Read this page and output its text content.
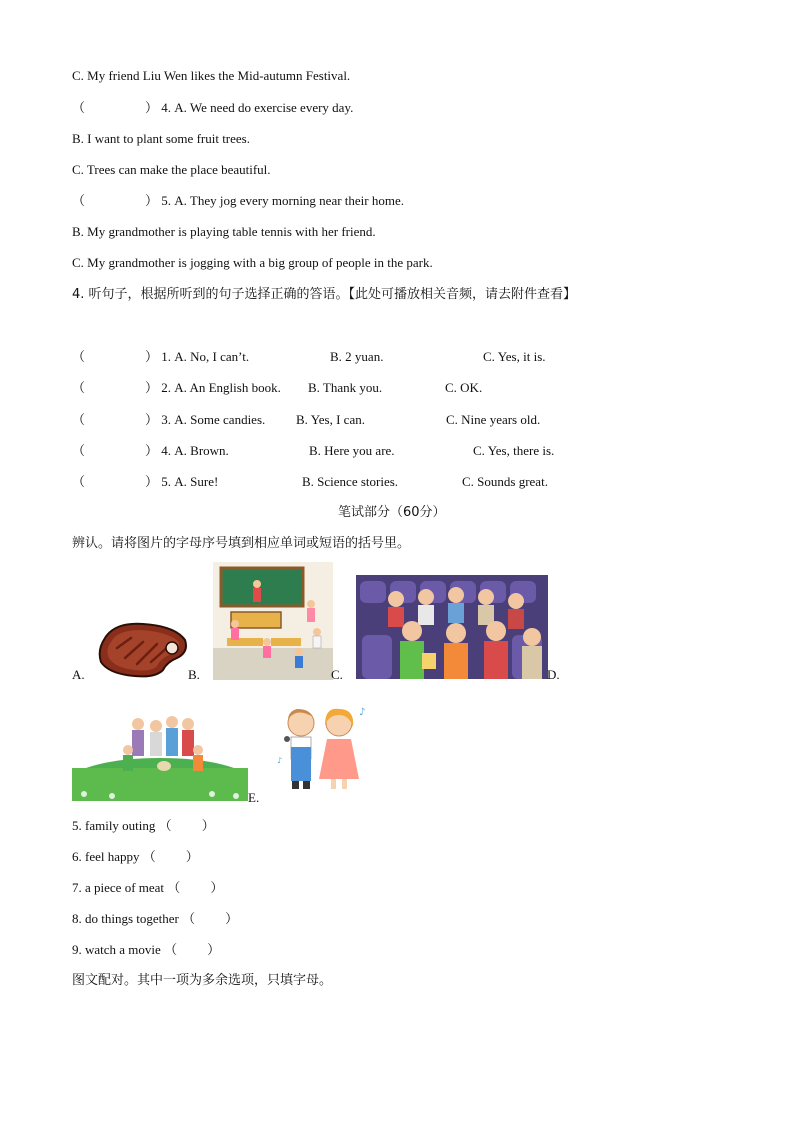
C. My friend Liu Wen likes the Mid-autumn Festival.
（	） 4. A. We need do exercise every day.
B. I want to plant some fruit trees.
C. Trees can make the place beautiful.
（	） 5. A. They jog every morning near their home.
B. My grandmother is playing table tennis with her friend.
C. My grandmother is jogging with a big group of people in the park.
4. 听句子，根据所听到的句子选择正确的答语。【此处可播放相关音频，请去附件查看】
（	） 1. A. No, I can’t.	B. 2 yuan.	C. Yes, it is.
（	） 2. A. An English book. B. Thank you.	C. OK.
（	） 3. A. Some candies. B. Yes, I can.	C. Nine years old.
（	） 4. A. Brown.	B. Here you are.	C. Yes, there is.
（	） 5. A. Sure!	B. Science stories.	C. Sounds great.
笔试部分（60分）
辨认。请将图片的字母序号填到相应单词或短语的括号里。
A.	B.	C.	D.
E.
♪
♪
5. family outing （ ）
6. feel happy （ ）
7. a piece of meat （ ）
8. do things together （ ）
9. watch a movie （ ）
图文配对。其中一项为多余选项，只填字母。
